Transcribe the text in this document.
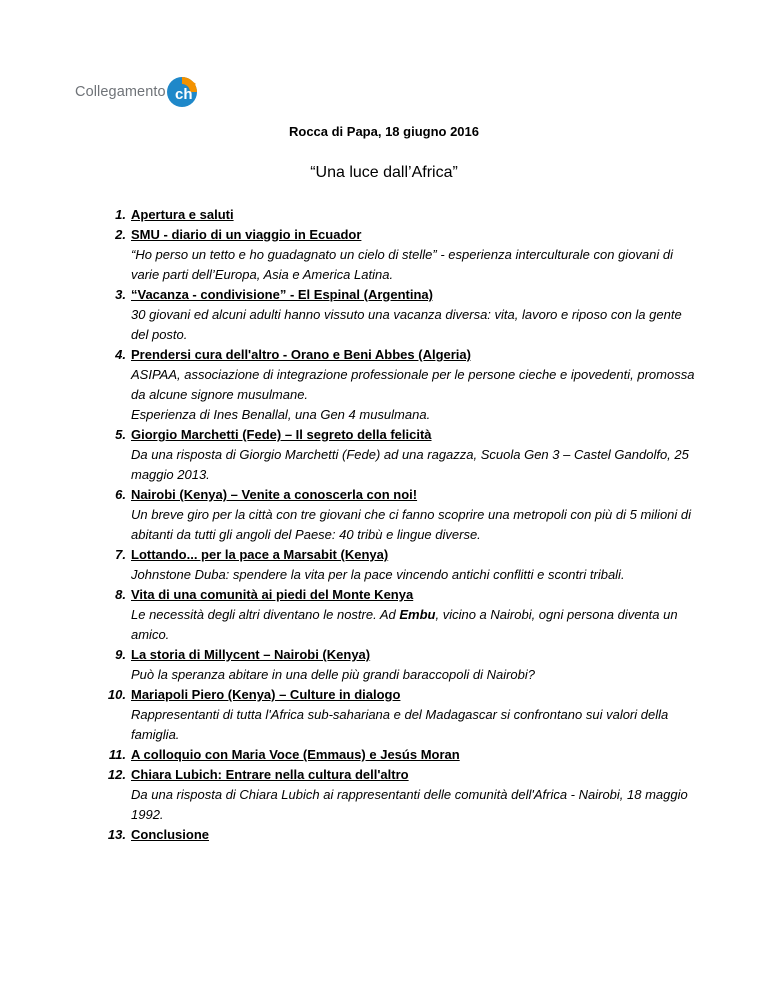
Collegamento ch
Rocca di Papa, 18 giugno 2016
“Una luce dall’Africa”
1. Apertura e saluti
2. SMU - diario di un viaggio in Ecuador
“Ho perso un tetto e ho guadagnato un cielo di stelle” - esperienza interculturale con giovani di varie parti dell’Europa, Asia e America Latina.
3. “Vacanza - condivisione” - El Espinal (Argentina)
30 giovani ed alcuni adulti hanno vissuto una vacanza diversa: vita, lavoro e riposo con la gente del posto.
4. Prendersi cura dell'altro - Orano e Beni Abbes (Algeria)
ASIPAA, associazione di integrazione professionale per le persone cieche e ipovedenti, promossa da alcune signore musulmane.
Esperienza di Ines Benallal, una Gen 4 musulmana.
5. Giorgio Marchetti (Fede) – Il segreto della felicità
Da una risposta di Giorgio Marchetti (Fede) ad una ragazza, Scuola Gen 3 – Castel Gandolfo, 25 maggio 2013.
6. Nairobi (Kenya) – Venite a conoscerla con noi!
Un breve giro per la città con tre giovani che ci fanno scoprire una metropoli con più di 5 milioni di abitanti da tutti gli angoli del Paese: 40 tribù e lingue diverse.
7. Lottando... per la pace a Marsabit (Kenya)
Johnstone Duba: spendere la vita per la pace vincendo antichi conflitti e scontri tribali.
8. Vita di una comunità ai piedi del Monte Kenya
Le necessità degli altri diventano le nostre. Ad Embu, vicino a Nairobi, ogni persona diventa un amico.
9. La storia di Millycent – Nairobi (Kenya)
Può la speranza abitare in una delle più grandi baraccopoli di Nairobi?
10. Mariapoli Piero (Kenya) – Culture in dialogo
Rappresentanti di tutta l'Africa sub-sahariana e del Madagascar si confrontano sui valori della famiglia.
11. A colloquio con Maria Voce (Emmaus) e Jesús Moran
12. Chiara Lubich: Entrare nella cultura dell'altro
Da una risposta di Chiara Lubich ai rappresentanti delle comunità dell'Africa - Nairobi, 18 maggio 1992.
13. Conclusione
